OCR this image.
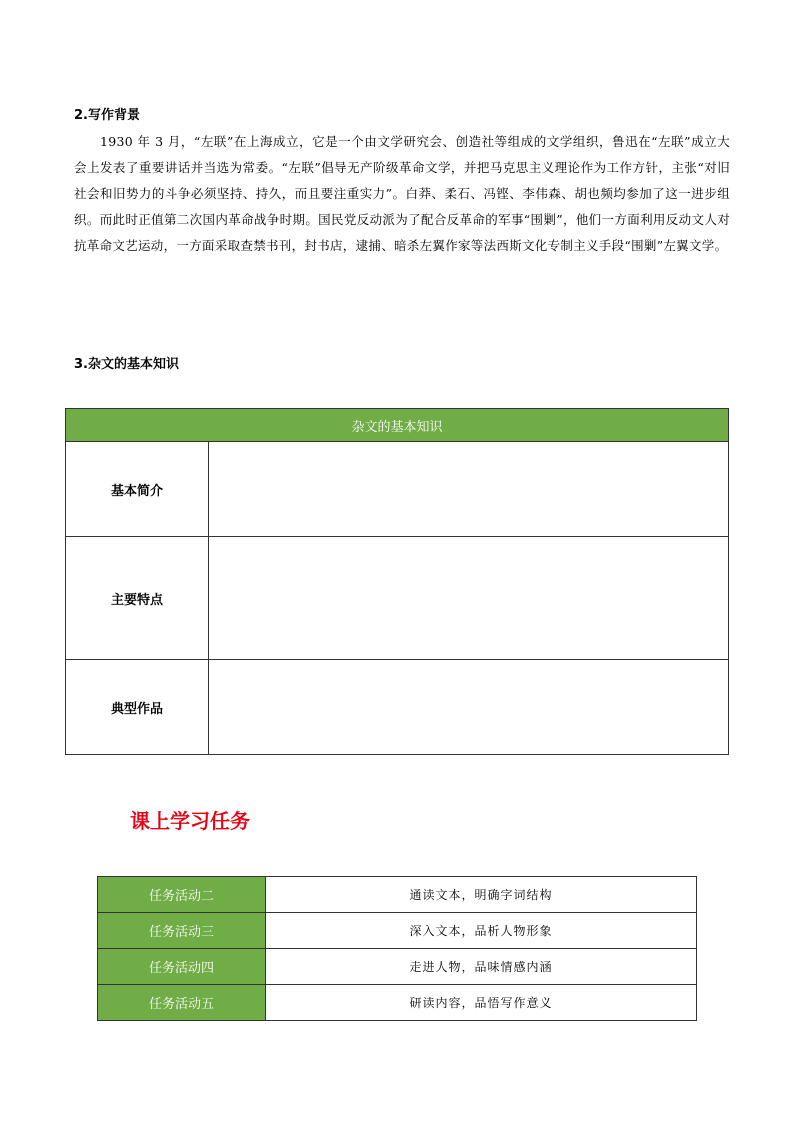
2.写作背景
1930 年 3 月，“左联”在上海成立，它是一个由文学研究会、创造社等组成的文学组织，鲁迅在“左联”成立大会上发表了重要讲话并当选为常委。“左联”倡导无产阶级革命文学，并把马克思主义理论作为工作方针，主张“对旧社会和旧势力的斗争必须坚持、持久，而且要注重实力”。白莽、柔石、冯铿、李伟森、胡也频均参加了这一进步组织。而此时正值第二次国内革命战争时期。国民党反动派为了配合反革命的军事“围剿”，他们一方面利用反动文人对抗革命文艺运动，一方面采取查禁书刊，封书店，逮捕、暗杀左翼作家等法西斯文化专制主义手段“围剿”左翼文学。
3.杂文的基本知识
杂文的基本知识	
基本简介	
主要特点	
典型作品	
课上学习任务
任务活动二	通读文本，明确字词结构
任务活动三	深入文本，品析人物形象
任务活动四	走进人物，品味情感内涵
任务活动五	研读内容，品悟写作意义
